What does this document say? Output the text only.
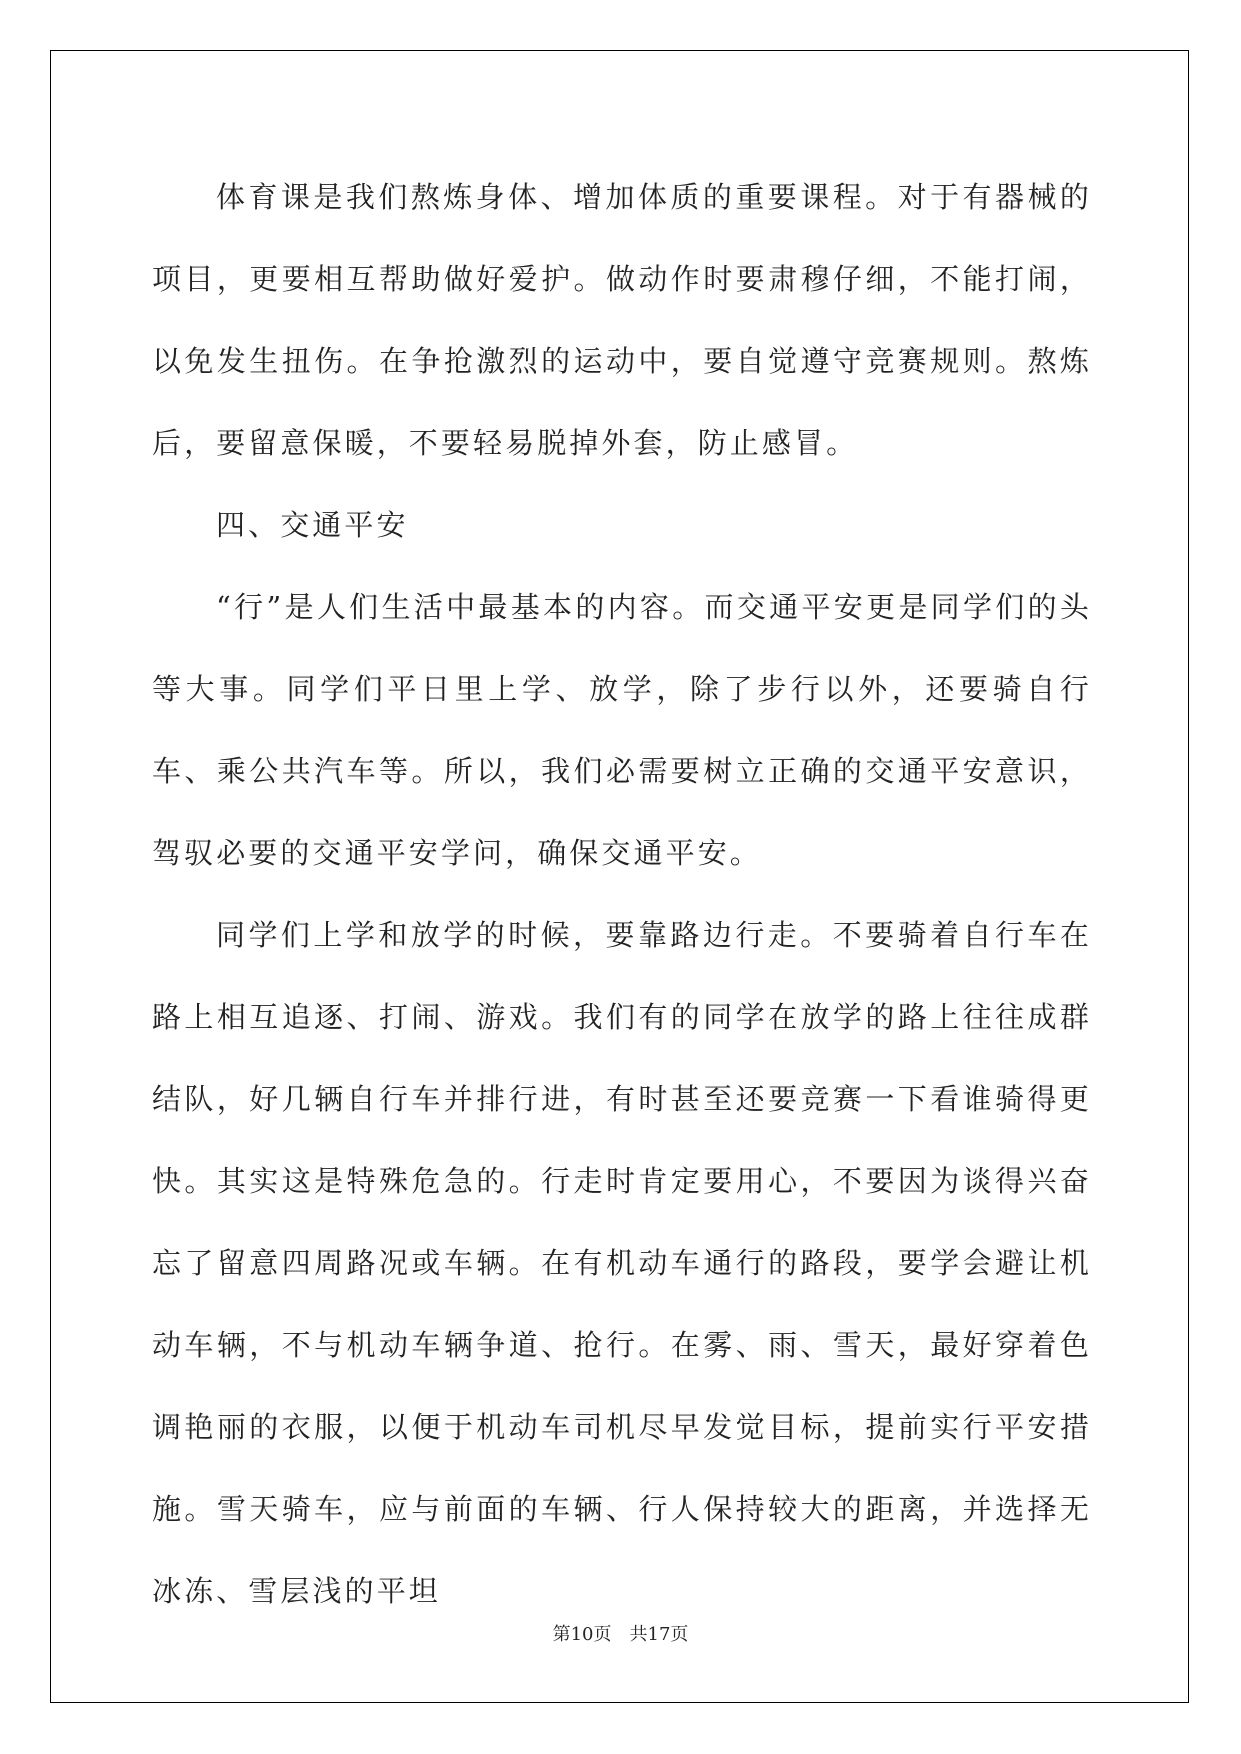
体育课是我们熬炼身体、增加体质的重要课程。对于有器械的项目，更要相互帮助做好爱护。做动作时要肃穆仔细，不能打闹，以免发生扭伤。在争抢激烈的运动中，要自觉遵守竞赛规则。熬炼后，要留意保暖，不要轻易脱掉外套，防止感冒。

四、交通平安

“行”是人们生活中最基本的内容。而交通平安更是同学们的头等大事。同学们平日里上学、放学，除了步行以外，还要骑自行车、乘公共汽车等。所以，我们必需要树立正确的交通平安意识，驾驭必要的交通平安学问，确保交通平安。

同学们上学和放学的时候，要靠路边行走。不要骑着自行车在路上相互追逐、打闹、游戏。我们有的同学在放学的路上往往成群结队，好几辆自行车并排行进，有时甚至还要竞赛一下看谁骑得更快。其实这是特殊危急的。行走时肯定要用心，不要因为谈得兴奋忘了留意四周路况或车辆。在有机动车通行的路段，要学会避让机动车辆，不与机动车辆争道、抢行。在雾、雨、雪天，最好穿着色调艳丽的衣服，以便于机动车司机尽早发觉目标，提前实行平安措施。雪天骑车，应与前面的车辆、行人保持较大的距离，并选择无冰冻、雪层浅的平坦

第10页　共17页
